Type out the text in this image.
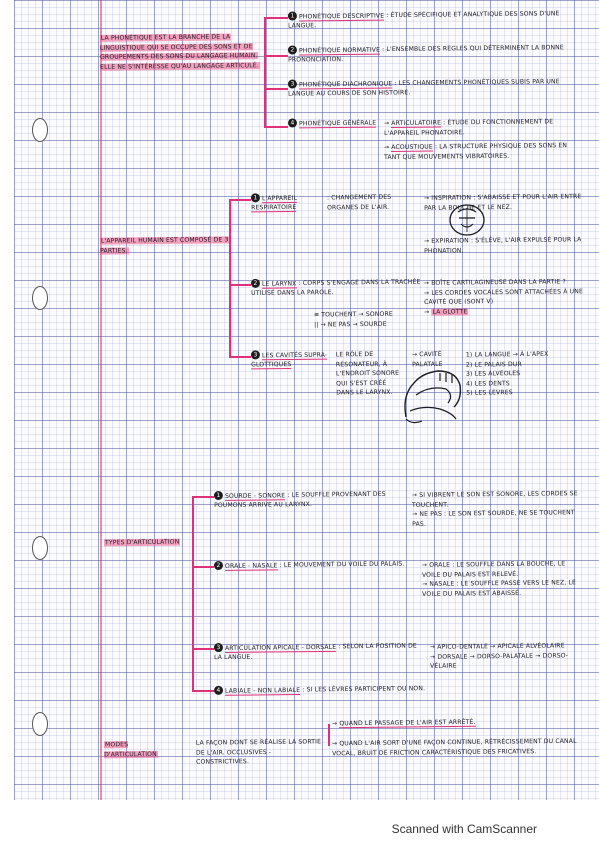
LA PHONÉTIQUE EST LA BRANCHE DE LA LINGUISTIQUE QUI SE OCCUPE DES SONS ET DE GROUPEMENTS DES SONS DU LANGAGE HUMAIN. ELLE NE S'INTÉRESSE QU'AU LANGAGE ARTICULÉ.
1 PHONÉTIQUE DESCRIPTIVE : ÉTUDE SPÉCIFIQUE ET ANALYTIQUE DES SONS D'UNE LANGUE.
2 PHONÉTIQUE NORMATIVE : L'ENSEMBLE DES RÈGLES QUI DÉTERMINENT LA BONNE PRONONCIATION.
3 PHONÉTIQUE DIACHRONIQUE : LES CHANGEMENTS PHONÉTIQUES SUBIS PAR UNE LANGUE AU COURS DE SON HISTOIRE.
4 PHONÉTIQUE GÉNÉRALE	→ ARTICULATOIRE : ÉTUDE DU FONCTIONNEMENT DE L'APPAREIL PHONATOIRE.
→ ACOUSTIQUE : LA STRUCTURE PHYSIQUE DES SONS EN TANT QUE MOUVEMENTS VIBRATOIRES.
L'APPAREIL HUMAIN EST COMPOSÉ DE 3 PARTIES.
1 L'APPAREIL RESPIRATOIRE
: CHANGEMENT DES ORGANES DE L'AIR.
→ INSPIRATION : S'ABAISSE ET POUR L'AIR ENTRE PAR LA BOUCHE ET LE NEZ.
→ EXPIRATION : S'ÉLÈVE, L'AIR EXPULSÉ POUR LA PHONATION.
2 LE LARYNX : CORPS S'ENGAGE DANS LA TRACHÉE UTILISÉ DANS LA PAROLE.
≡ TOUCHENT → SONORE
|| → NE PAS → SOURDE
→ BOÎTE CARTILAGINEUSE DANS LA PARTIE ?
→ LES CORDES VOCALES SONT ATTACHÉES À UNE CAVITÉ QUE (SONT V)
→ LA GLOTTE
3 LES CAVITÉS SUPRA-GLOTTIQUES
LE RÔLE DE RÉSONATEUR, À L'ENDROIT SONORE QUI S'EST CRÉÉ DANS LE LARYNX.
→ CAVITÉ PALATALE
1) LA LANGUE → À L'APEX
2) LE PALAIS DUR
3) LES ALVÉOLES
4) LES DENTS
5) LES LÈVRES
TYPES D'ARTICULATION
1 SOURDE - SONORE : LE SOUFFLE PROVENANT DES POUMONS ARRIVE AU LARYNX.
→ SI VIBRENT LE SON EST SONORE, LES CORDES SE TOUCHENT.
→ NE PAS : LE SON EST SOURDE, NE SE TOUCHENT PAS.
2 ORALE - NASALE : LE MOUVEMENT DU VOILE DU PALAIS.	→ ORALE : LE SOUFFLE DANS LA BOUCHE, LE VOILE DU PALAIS EST RELEVÉ.
→ NASALE : LE SOUFFLE PASSE VERS LE NEZ, LE VOILE DU PALAIS EST ABAISSÉ.
3 ARTICULATION APICALE - DORSALE : SELON LA POSITION DE LA LANGUE.
→ APICO-DENTALE → APICALE ALVÉOLAIRE
→ DORSALE → DORSO-PALATALE → DORSO-VÉLAIRE
4 LABIALE - NON LABIALE : SI LES LÈVRES PARTICIPENT OU NON.
MODES D'ARTICULATION
LA FAÇON DONT SE RÉALISE LA SORTIE DE L'AIR. OCCLUSIVES - CONSTRICTIVES.
→ QUAND LE PASSAGE DE L'AIR EST ARRÊTÉ.
→ QUAND L'AIR SORT D'UNE FAÇON CONTINUE, RÉTRÉCISSEMENT DU CANAL VOCAL, BRUIT DE FRICTION CARACTÉRISTIQUE DES FRICATIVES.
Scanned with CamScanner
